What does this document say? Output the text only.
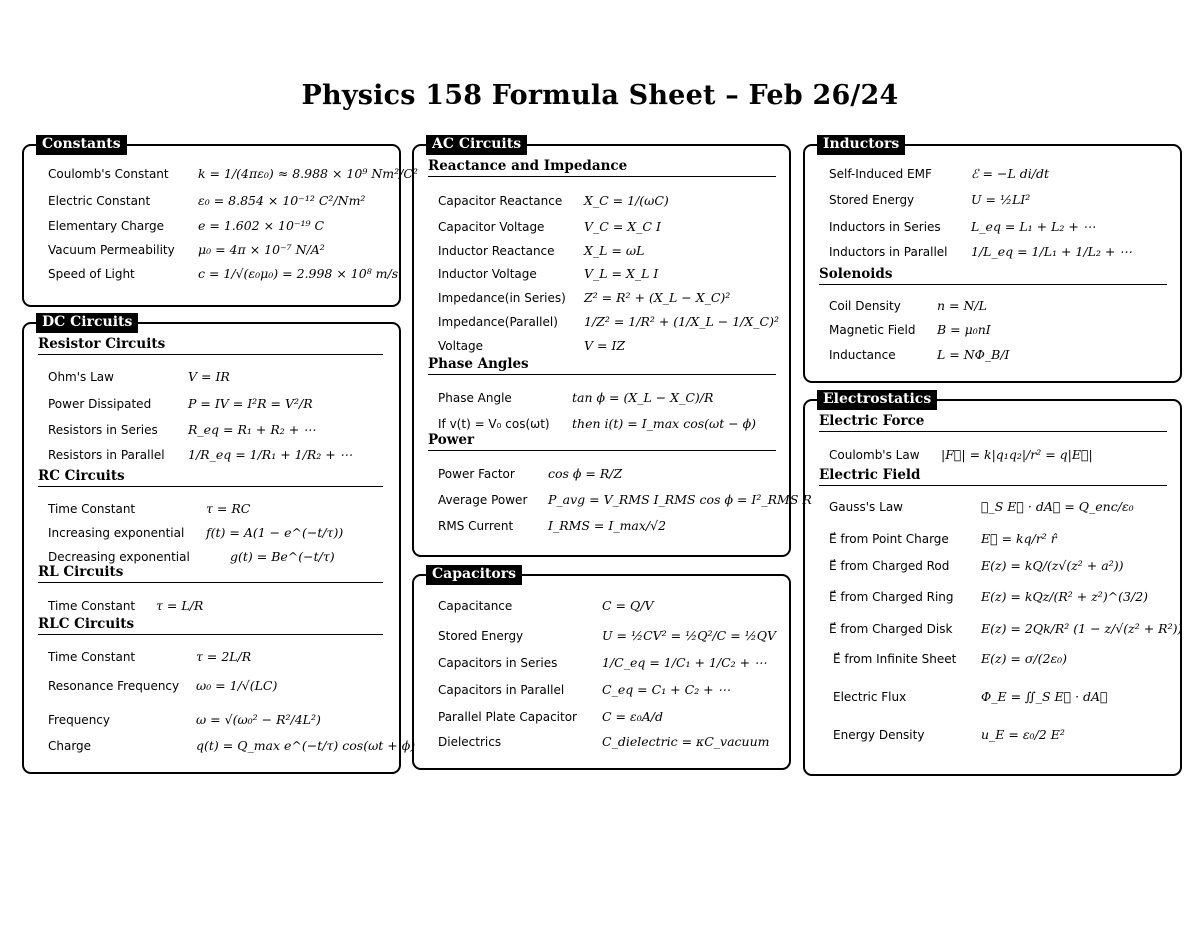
Physics 158 Formula Sheet – Feb 26/24
Constants
Coulomb's Constant k = 1/(4πε₀) ≈ 8.988 × 10⁹ Nm²/C²
Electric Constant	ε₀ = 8.854 × 10⁻¹² C²/Nm²
Elementary Charge	e = 1.602 × 10⁻¹⁹ C
Vacuum Permeability μ₀ = 4π × 10⁻⁷ N/A²
Speed of Light	c = 1/√(ε₀μ₀) = 2.998 × 10⁸ m/s
DC Circuits
Resistor Circuits
Ohm's Law	V = IR
Power Dissipated	P = IV = I²R = V²/R
Resistors in Series R_eq = R₁ + R₂ + ⋯
Resistors in Parallel 1/R_eq = 1/R₁ + 1/R₂ + ⋯
RC Circuits
Time Constant	τ = RC
Increasing exponential f(t) = A(1 − e^(−t/τ))
Decreasing exponential	g(t) = Be^(−t/τ)
RL Circuits
Time Constant τ = L/R
RLC Circuits
Time Constant	τ = 2L/R
Resonance Frequency ω₀ = 1/√(LC)
Frequency	ω = √(ω₀² − R²/4L²)
Charge	q(t) = Q_max e^(−t/τ) cos(ωt + ϕ)
AC Circuits
Reactance and Impedance
Capacitor Reactance X_C = 1/(ωC)
Capacitor Voltage	V_C = X_C I
Inductor Reactance X_L = ωL
Inductor Voltage	V_L = X_L I
Impedance(in Series) Z² = R² + (X_L − X_C)²
Impedance(Parallel) 1/Z² = 1/R² + (1/X_L − 1/X_C)²
Voltage	V = IZ
Phase Angles
Phase Angle	tan ϕ = (X_L − X_C)/R
If v(t) = V₀ cos(ωt) then i(t) = I_max cos(ωt − ϕ)
Power
Power Factor	cos ϕ = R/Z
Average Power P_avg = V_RMS I_RMS cos ϕ = I²_RMS R
RMS Current	I_RMS = I_max/√2
Capacitors
Capacitance	C = Q/V
Stored Energy	U = ½CV² = ½Q²/C = ½QV
Capacitors in Series	1/C_eq = 1/C₁ + 1/C₂ + ⋯
Capacitors in Parallel	C_eq = C₁ + C₂ + ⋯
Parallel Plate Capacitor C = ε₀A/d
Dielectrics	C_dielectric = κC_vacuum
Inductors
Self-Induced EMF	ℰ = −L di/dt
Stored Energy	U = ½LI²
Inductors in Series L_eq = L₁ + L₂ + ⋯
Inductors in Parallel 1/L_eq = 1/L₁ + 1/L₂ + ⋯
Solenoids
Coil Density	n = N/L
Magnetic Field B = μ₀nI
Inductance	L = NΦ_B/I
Electrostatics
Electric Force
Coulomb's Law |F⃗| = k|q₁q₂|/r² = q|E⃗|
Electric Field
Gauss's Law	∯_S E⃗ · dA⃗ = Q_enc/ε₀
E⃗ from Point Charge	E⃗ = kq/r² r̂
E⃗ from Charged Rod	E(z) = kQ/(z√(z² + a²))
E⃗ from Charged Ring E(z) = kQz/(R² + z²)^(3/2)
E⃗ from Charged Disk E(z) = 2Qk/R² (1 − z/√(z² + R²))
E⃗ from Infinite Sheet E(z) = σ/(2ε₀)
Electric Flux	Φ_E = ∬_S E⃗ · dA⃗
Energy Density	u_E = ε₀/2 E²
